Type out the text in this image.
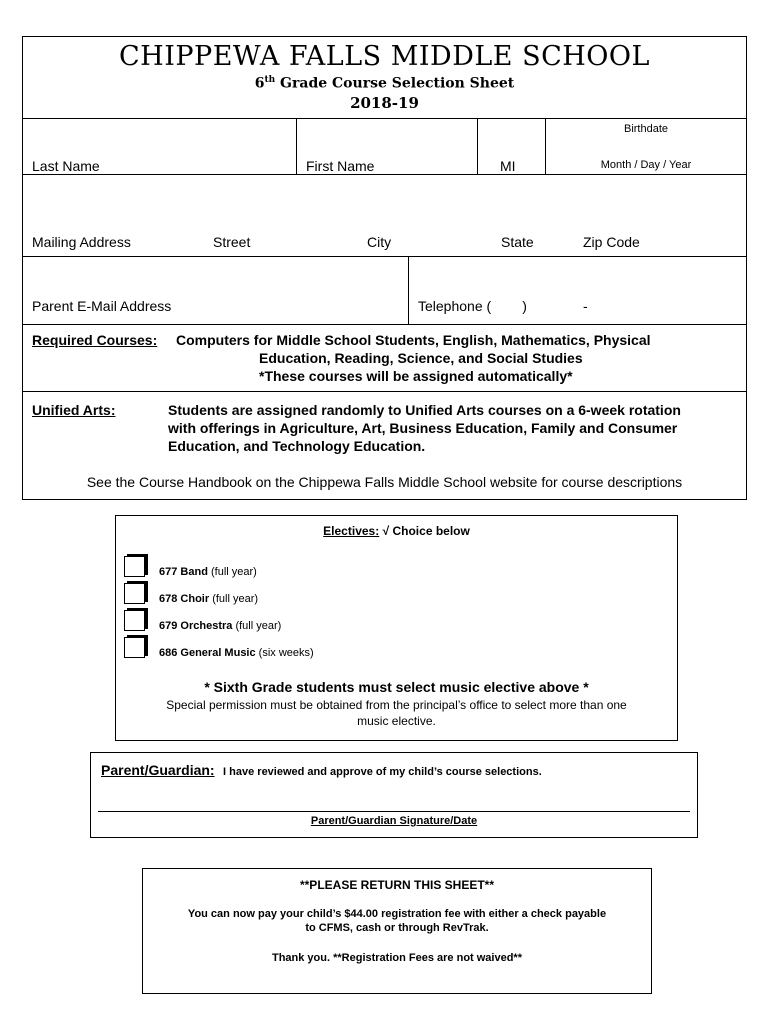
CHIPPEWA FALLS MIDDLE SCHOOL
6th Grade Course Selection Sheet
2018-19
Last Name	First Name	MI
Birthdate
Month / Day / Year
Mailing Address	Street	City	State	Zip Code
Parent E-Mail Address	Telephone (        )	-
Required Courses: Computers for Middle School Students, English, Mathematics, Physical
Education, Reading, Science, and Social Studies
*These courses will be assigned automatically*
Unified Arts:	Students are assigned randomly to Unified Arts courses on a 6-week rotation
with offerings in Agriculture, Art, Business Education, Family and Consumer
Education, and Technology Education.
See the Course Handbook on the Chippewa Falls Middle School website for course descriptions
Electives: √ Choice below
677 Band (full year)
678 Choir (full year)
679 Orchestra (full year)
686 General Music (six weeks)
* Sixth Grade students must select music elective above *
Special permission must be obtained from the principal’s office to select more than one
music elective.
Parent/Guardian: I have reviewed and approve of my child’s course selections.
Parent/Guardian Signature/Date
**PLEASE RETURN THIS SHEET**
You can now pay your child’s $44.00 registration fee with either a check payable
to CFMS, cash or through RevTrak.
Thank you. **Registration Fees are not waived**
